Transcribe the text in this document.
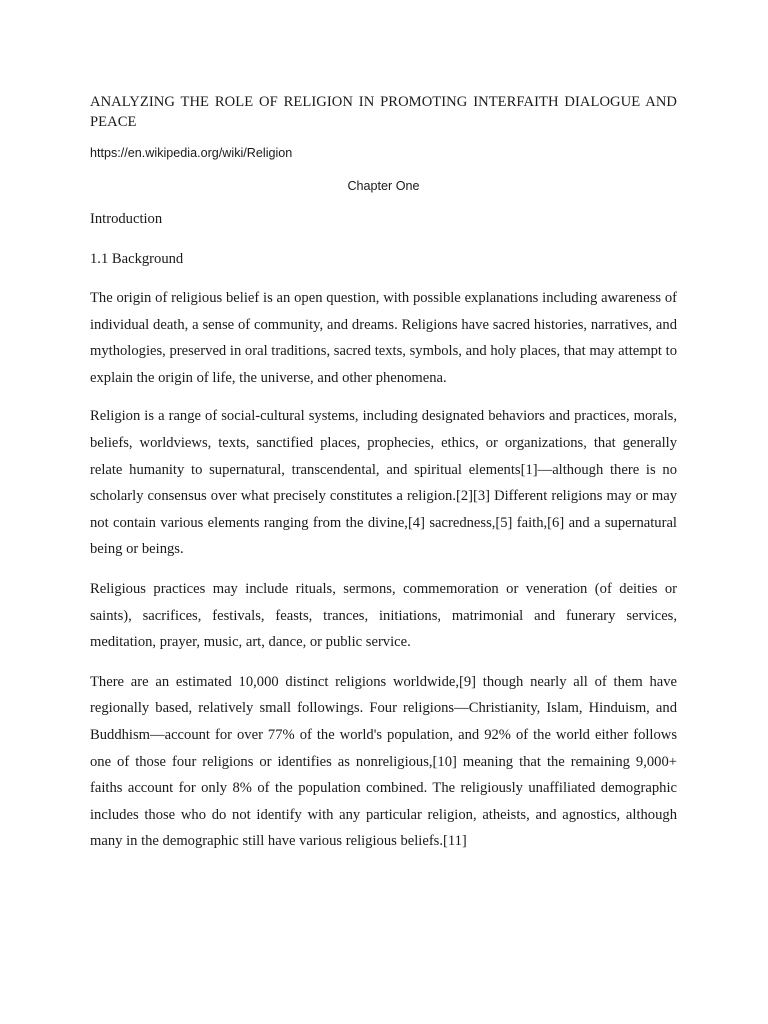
ANALYZING THE ROLE OF RELIGION IN PROMOTING INTERFAITH DIALOGUE AND PEACE

https://en.wikipedia.org/wiki/Religion

Chapter One

Introduction

1.1 Background

The origin of religious belief is an open question, with possible explanations including awareness of individual death, a sense of community, and dreams. Religions have sacred histories, narratives, and mythologies, preserved in oral traditions, sacred texts, symbols, and holy places, that may attempt to explain the origin of life, the universe, and other phenomena.

Religion is a range of social-cultural systems, including designated behaviors and practices, morals, beliefs, worldviews, texts, sanctified places, prophecies, ethics, or organizations, that generally relate humanity to supernatural, transcendental, and spiritual elements[1]—although there is no scholarly consensus over what precisely constitutes a religion.[2][3] Different religions may or may not contain various elements ranging from the divine,[4] sacredness,[5] faith,[6] and a supernatural being or beings.

Religious practices may include rituals, sermons, commemoration or veneration (of deities or saints), sacrifices, festivals, feasts, trances, initiations, matrimonial and funerary services, meditation, prayer, music, art, dance, or public service.

There are an estimated 10,000 distinct religions worldwide,[9] though nearly all of them have regionally based, relatively small followings. Four religions—Christianity, Islam, Hinduism, and Buddhism—account for over 77% of the world's population, and 92% of the world either follows one of those four religions or identifies as nonreligious,[10] meaning that the remaining 9,000+ faiths account for only 8% of the population combined. The religiously unaffiliated demographic includes those who do not identify with any particular religion, atheists, and agnostics, although many in the demographic still have various religious beliefs.[11]
